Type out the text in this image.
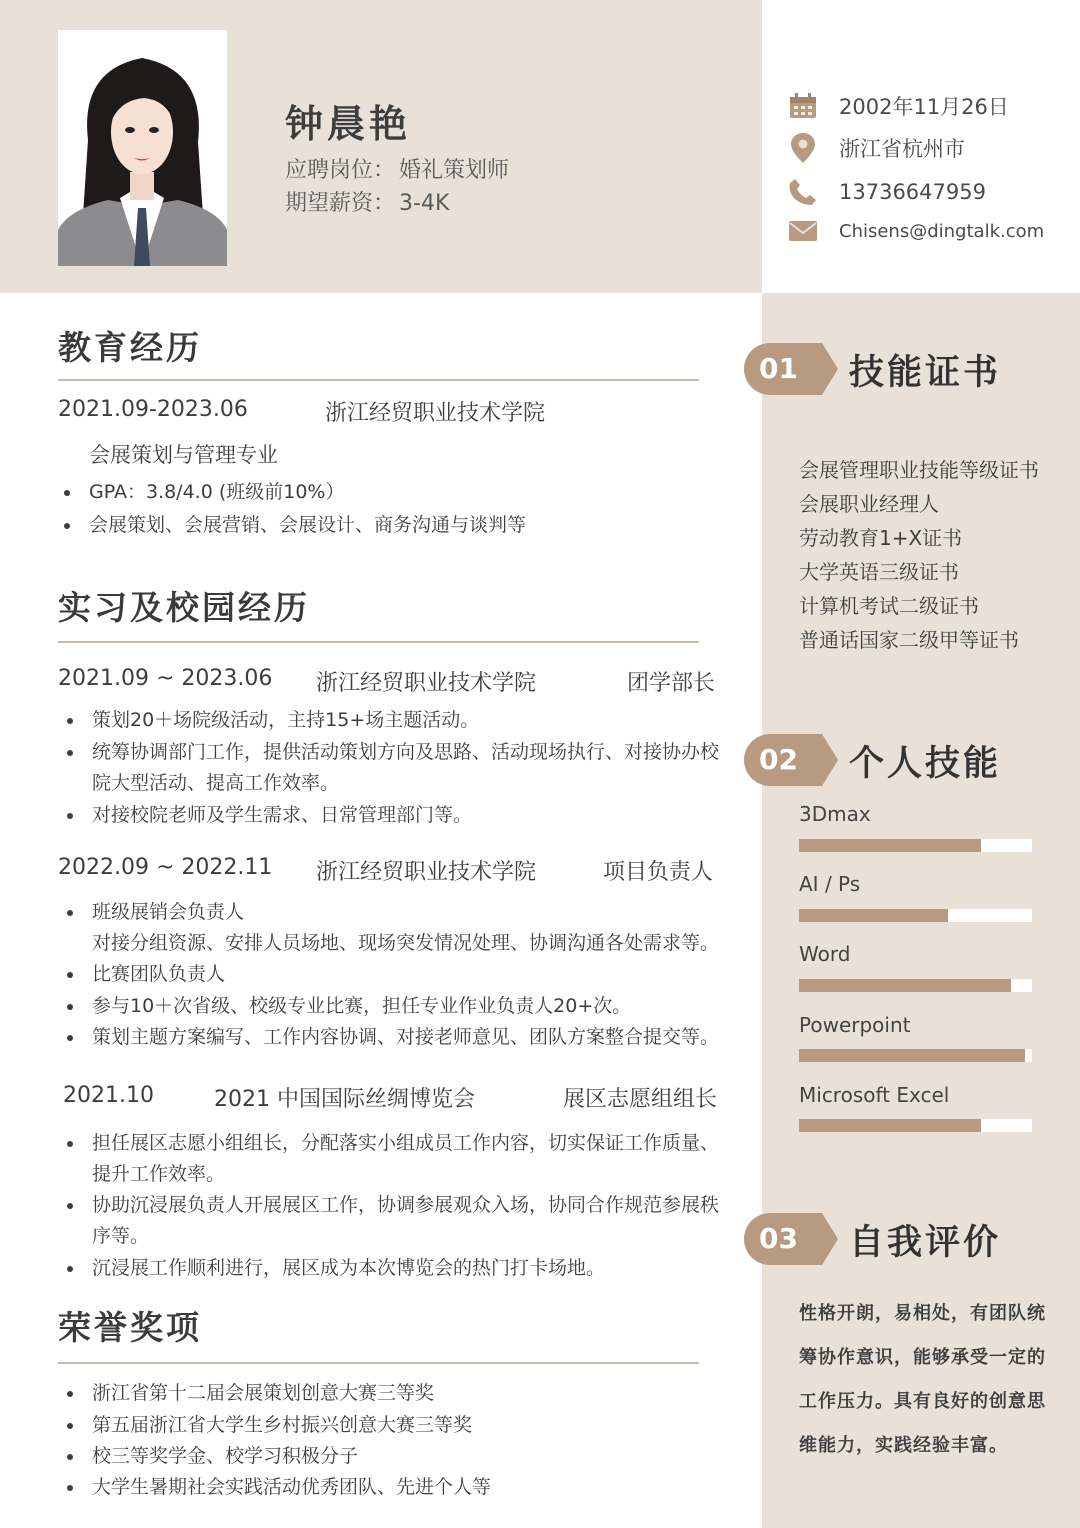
钟晨艳
应聘岗位： 婚礼策划师
期望薪资： 3-4K
2002年11月26日
浙江省杭州市
13736647959
Chisens@dingtalk.com
教育经历
2021.09-2023.06	浙江经贸职业技术学院
会展策划与管理专业
GPA：3.8/4.0 (班级前10%）
会展策划、会展营销、会展设计、商务沟通与谈判等
实习及校园经历
2021.09 ~ 2023.06 浙江经贸职业技术学院	团学部长
策划20＋场院级活动，主持15+场主题活动。
统筹协调部门工作，提供活动策划方向及思路、活动现场执行、对接协办校院大型活动、提高工作效率。
对接校院老师及学生需求、日常管理部门等。
2022.09 ~ 2022.11 浙江经贸职业技术学院	项目负责人
班级展销会负责人
对接分组资源、安排人员场地、现场突发情况处理、协调沟通各处需求等。
比赛团队负责人
参与10＋次省级、校级专业比赛，担任专业作业负责人20+次。
策划主题方案编写、工作内容协调、对接老师意见、团队方案整合提交等。
2021.10	2021 中国国际丝绸博览会	展区志愿组组长
担任展区志愿小组组长，分配落实小组成员工作内容，切实保证工作质量、提升工作效率。
协助沉浸展负责人开展展区工作，协调参展观众入场，协同合作规范参展秩序等。
沉浸展工作顺利进行，展区成为本次博览会的热门打卡场地。
荣誉奖项
浙江省第十二届会展策划创意大赛三等奖
第五届浙江省大学生乡村振兴创意大赛三等奖
校三等奖学金、校学习积极分子
大学生暑期社会实践活动优秀团队、先进个人等
01 技能证书
会展管理职业技能等级证书
会展职业经理人
劳动教育1+X证书
大学英语三级证书
计算机考试二级证书
普通话国家二级甲等证书
02 个人技能
3Dmax
AI / Ps
Word
Powerpoint
Microsoft Excel
03 自我评价
性格开朗，易相处，有团队统筹协作意识，能够承受一定的工作压力。具有良好的创意思维能力，实践经验丰富。
